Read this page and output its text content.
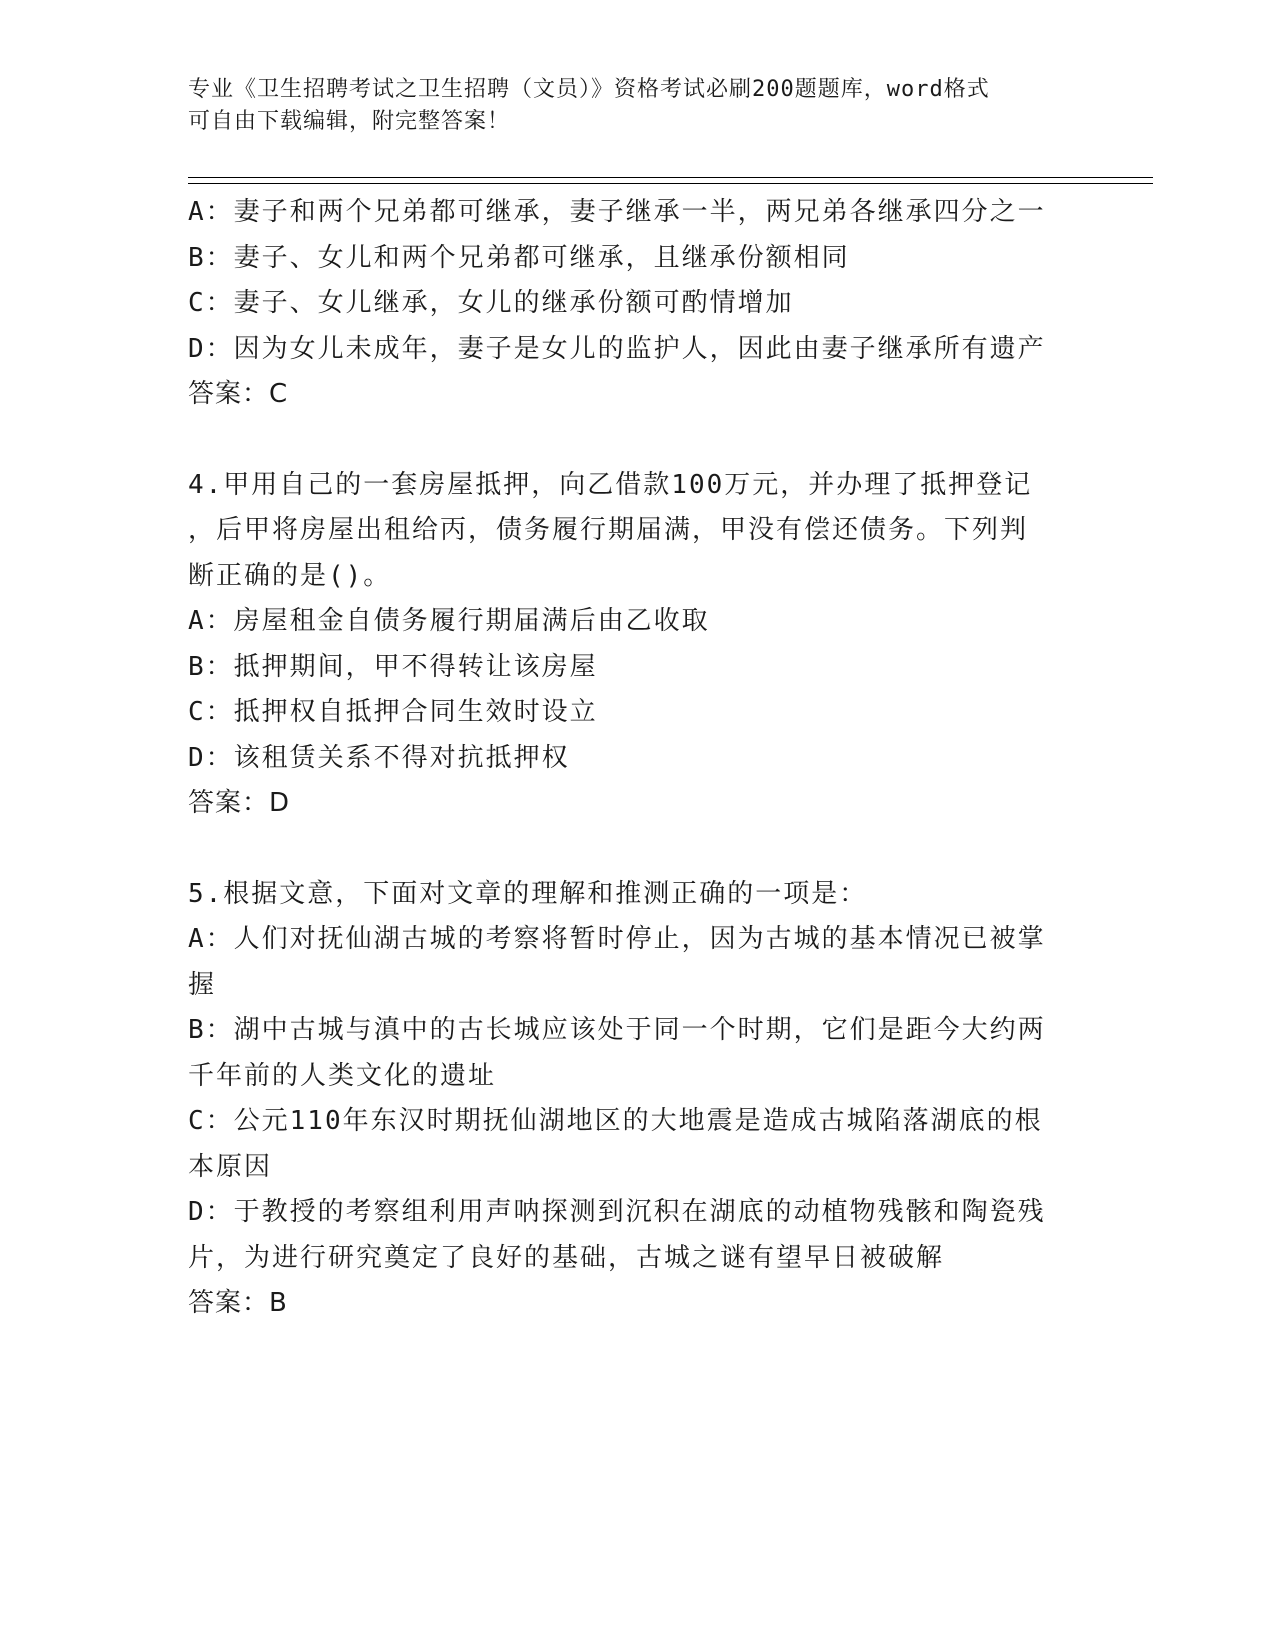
专业《卫生招聘考试之卫生招聘（文员）》资格考试必刷200题题库，word格式
可自由下载编辑，附完整答案！
A：妻子和两个兄弟都可继承，妻子继承一半，两兄弟各继承四分之一
B：妻子、女儿和两个兄弟都可继承，且继承份额相同
C：妻子、女儿继承，女儿的继承份额可酌情增加
D：因为女儿未成年，妻子是女儿的监护人，因此由妻子继承所有遗产
答案：C
4.甲用自己的一套房屋抵押，向乙借款100万元，并办理了抵押登记
，后甲将房屋出租给丙，债务履行期届满，甲没有偿还债务。下列判
断正确的是()。
A：房屋租金自债务履行期届满后由乙收取
B：抵押期间，甲不得转让该房屋
C：抵押权自抵押合同生效时设立
D：该租赁关系不得对抗抵押权
答案：D
5.根据文意，下面对文章的理解和推测正确的一项是：
A：人们对抚仙湖古城的考察将暂时停止，因为古城的基本情况已被掌
握
B：湖中古城与滇中的古长城应该处于同一个时期，它们是距今大约两
千年前的人类文化的遗址
C：公元110年东汉时期抚仙湖地区的大地震是造成古城陷落湖底的根
本原因
D：于教授的考察组利用声呐探测到沉积在湖底的动植物残骸和陶瓷残
片，为进行研究奠定了良好的基础，古城之谜有望早日被破解
答案：B
